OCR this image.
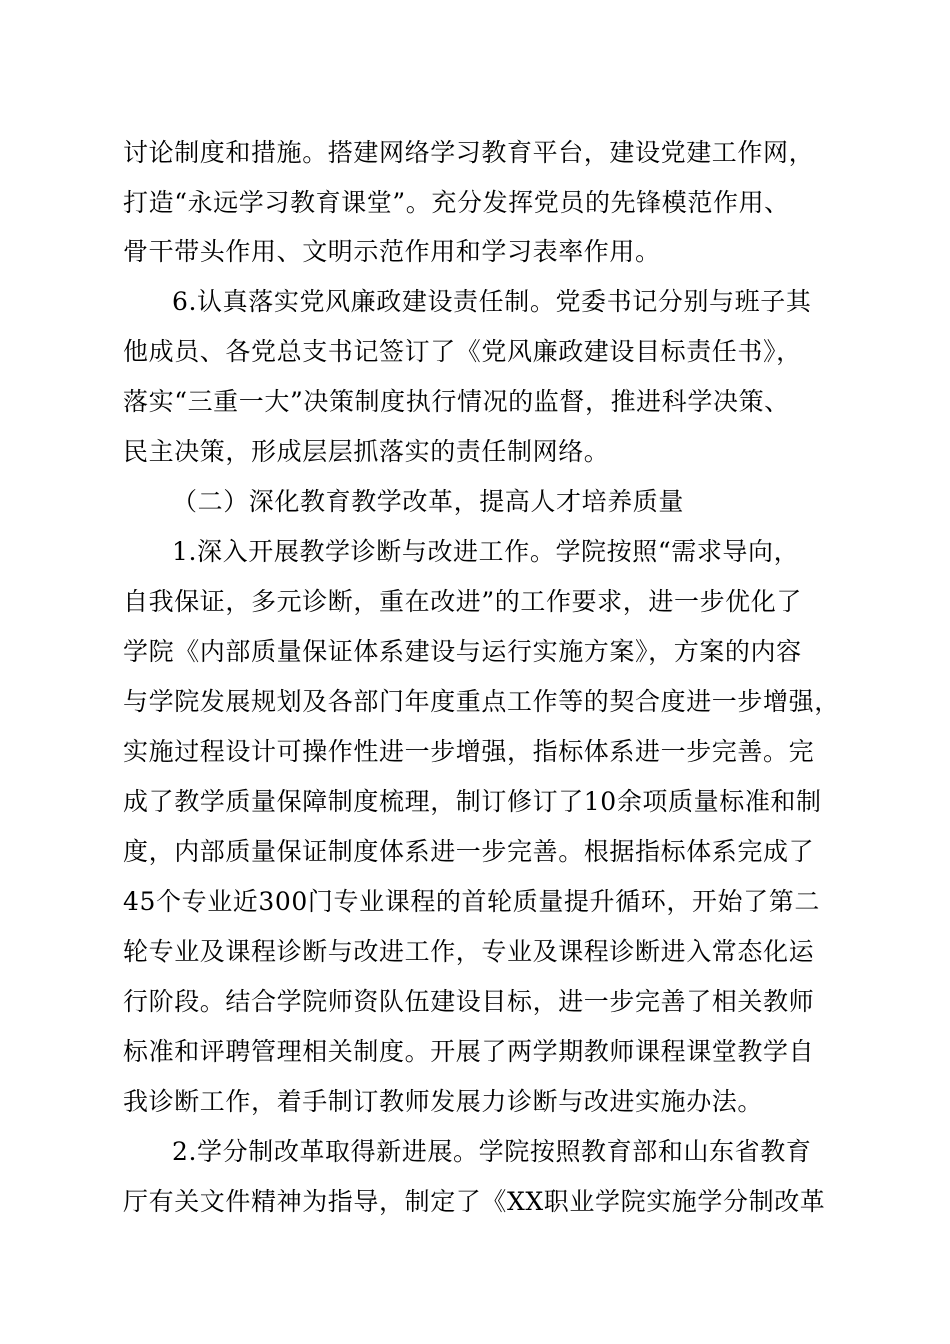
讨论制度和措施。搭建网络学习教育平台，建设党建工作网，
打造“永远学习教育课堂”。充分发挥党员的先锋模范作用、
骨干带头作用、文明示范作用和学习表率作用。
6.认真落实党风廉政建设责任制。党委书记分别与班子其
他成员、各党总支书记签订了《党风廉政建设目标责任书》，
落实“三重一大”决策制度执行情况的监督，推进科学决策、
民主决策，形成层层抓落实的责任制网络。
（二）深化教育教学改革，提高人才培养质量
1.深入开展教学诊断与改进工作。学院按照“需求导向，
自我保证，多元诊断，重在改进”的工作要求，进一步优化了
学院《内部质量保证体系建设与运行实施方案》，方案的内容
与学院发展规划及各部门年度重点工作等的契合度进一步增强，
实施过程设计可操作性进一步增强，指标体系进一步完善。完
成了教学质量保障制度梳理，制订修订了10余项质量标准和制
度，内部质量保证制度体系进一步完善。根据指标体系完成了
45个专业近300门专业课程的首轮质量提升循环，开始了第二
轮专业及课程诊断与改进工作，专业及课程诊断进入常态化运
行阶段。结合学院师资队伍建设目标，进一步完善了相关教师
标准和评聘管理相关制度。开展了两学期教师课程课堂教学自
我诊断工作，着手制订教师发展力诊断与改进实施办法。
2.学分制改革取得新进展。学院按照教育部和山东省教育
厅有关文件精神为指导，制定了《XX职业学院实施学分制改革
